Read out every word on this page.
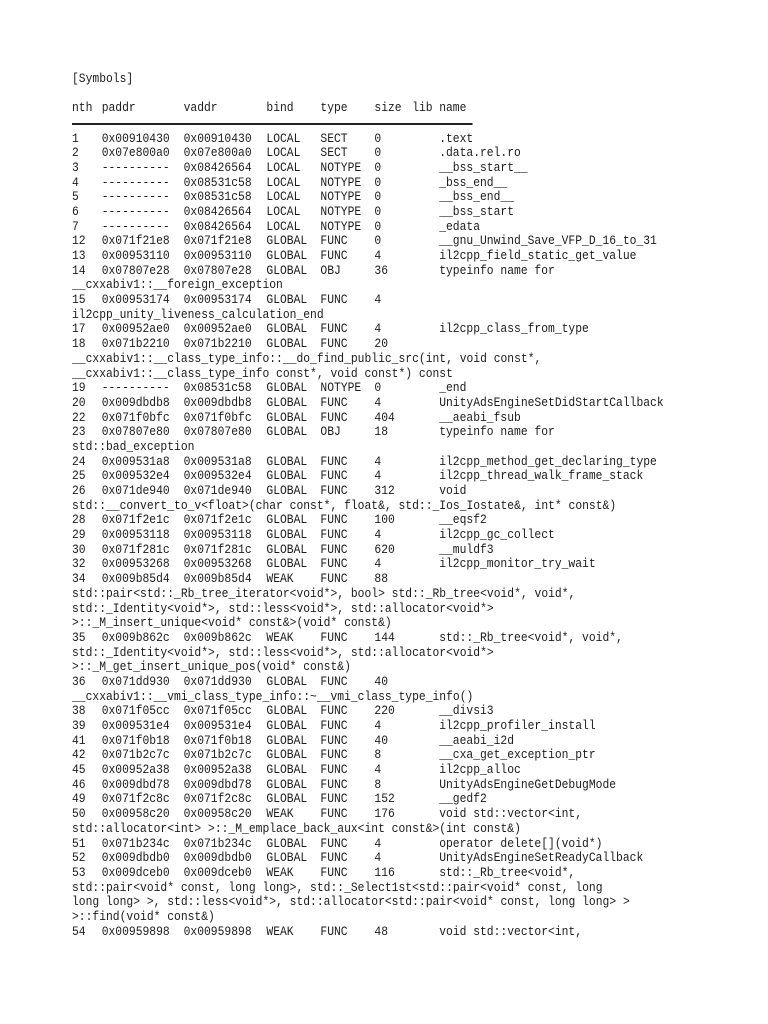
[Symbols]
nth paddr	vaddr	bind type size lib name
1 0x00910430 0x00910430 LOCAL SECT 0	.text
2 0x07e800a0 0x07e800a0 LOCAL SECT 0	.data.rel.ro
3 ---------- 0x08426564 LOCAL NOTYPE 0	__bss_start__
4 ---------- 0x08531c58 LOCAL NOTYPE 0	_bss_end__
5 ---------- 0x08531c58 LOCAL NOTYPE 0	__bss_end__
6 ---------- 0x08426564 LOCAL NOTYPE 0	__bss_start
7 ---------- 0x08426564 LOCAL NOTYPE 0	_edata
12 0x071f21e8 0x071f21e8 GLOBAL FUNC 0	__gnu_Unwind_Save_VFP_D_16_to_31
13 0x00953110 0x00953110 GLOBAL FUNC 4	il2cpp_field_static_get_value
14 0x07807e28 0x07807e28 GLOBAL OBJ	36	typeinfo name for
__cxxabiv1::__foreign_exception
15 0x00953174 0x00953174 GLOBAL FUNC 4
il2cpp_unity_liveness_calculation_end
17 0x00952ae0 0x00952ae0 GLOBAL FUNC 4	il2cpp_class_from_type
18 0x071b2210 0x071b2210 GLOBAL FUNC 20
__cxxabiv1::__class_type_info::__do_find_public_src(int, void const*,
__cxxabiv1::__class_type_info const*, void const*) const
19 ---------- 0x08531c58 GLOBAL NOTYPE 0	_end
20 0x009dbdb8 0x009dbdb8 GLOBAL FUNC 4	UnityAdsEngineSetDidStartCallback
22 0x071f0bfc 0x071f0bfc GLOBAL FUNC 404	__aeabi_fsub
23 0x07807e80 0x07807e80 GLOBAL OBJ	18	typeinfo name for
std::bad_exception
24 0x009531a8 0x009531a8 GLOBAL FUNC 4	il2cpp_method_get_declaring_type
25 0x009532e4 0x009532e4 GLOBAL FUNC 4	il2cpp_thread_walk_frame_stack
26 0x071de940 0x071de940 GLOBAL FUNC 312	void
std::__convert_to_v<float>(char const*, float&, std::_Ios_Iostate&, int* const&)
28 0x071f2e1c 0x071f2e1c GLOBAL FUNC 100	__eqsf2
29 0x00953118 0x00953118 GLOBAL FUNC 4	il2cpp_gc_collect
30 0x071f281c 0x071f281c GLOBAL FUNC 620	__muldf3
32 0x00953268 0x00953268 GLOBAL FUNC 4	il2cpp_monitor_try_wait
34 0x009b85d4 0x009b85d4 WEAK FUNC 88
std::pair<std::_Rb_tree_iterator<void*>, bool> std::_Rb_tree<void*, void*,
std::_Identity<void*>, std::less<void*>, std::allocator<void*>
>::_M_insert_unique<void* const&>(void* const&)
35 0x009b862c 0x009b862c WEAK FUNC 144	std::_Rb_tree<void*, void*,
std::_Identity<void*>, std::less<void*>, std::allocator<void*>
>::_M_get_insert_unique_pos(void* const&)
36 0x071dd930 0x071dd930 GLOBAL FUNC 40
__cxxabiv1::__vmi_class_type_info::~__vmi_class_type_info()
38 0x071f05cc 0x071f05cc GLOBAL FUNC 220	__divsi3
39 0x009531e4 0x009531e4 GLOBAL FUNC 4	il2cpp_profiler_install
41 0x071f0b18 0x071f0b18 GLOBAL FUNC 40	__aeabi_i2d
42 0x071b2c7c 0x071b2c7c GLOBAL FUNC 8	__cxa_get_exception_ptr
45 0x00952a38 0x00952a38 GLOBAL FUNC 4	il2cpp_alloc
46 0x009dbd78 0x009dbd78 GLOBAL FUNC 8	UnityAdsEngineGetDebugMode
49 0x071f2c8c 0x071f2c8c GLOBAL FUNC 152	__gedf2
50 0x00958c20 0x00958c20 WEAK FUNC 176	void std::vector<int,
std::allocator<int> >::_M_emplace_back_aux<int const&>(int const&)
51 0x071b234c 0x071b234c GLOBAL FUNC 4	operator delete[](void*)
52 0x009dbdb0 0x009dbdb0 GLOBAL FUNC 4	UnityAdsEngineSetReadyCallback
53 0x009dceb0 0x009dceb0 WEAK FUNC 116	std::_Rb_tree<void*,
std::pair<void* const, long long>, std::_Select1st<std::pair<void* const, long
long long> >, std::less<void*>, std::allocator<std::pair<void* const, long long> >
>::find(void* const&)
54 0x00959898 0x00959898 WEAK FUNC 48	void std::vector<int,
